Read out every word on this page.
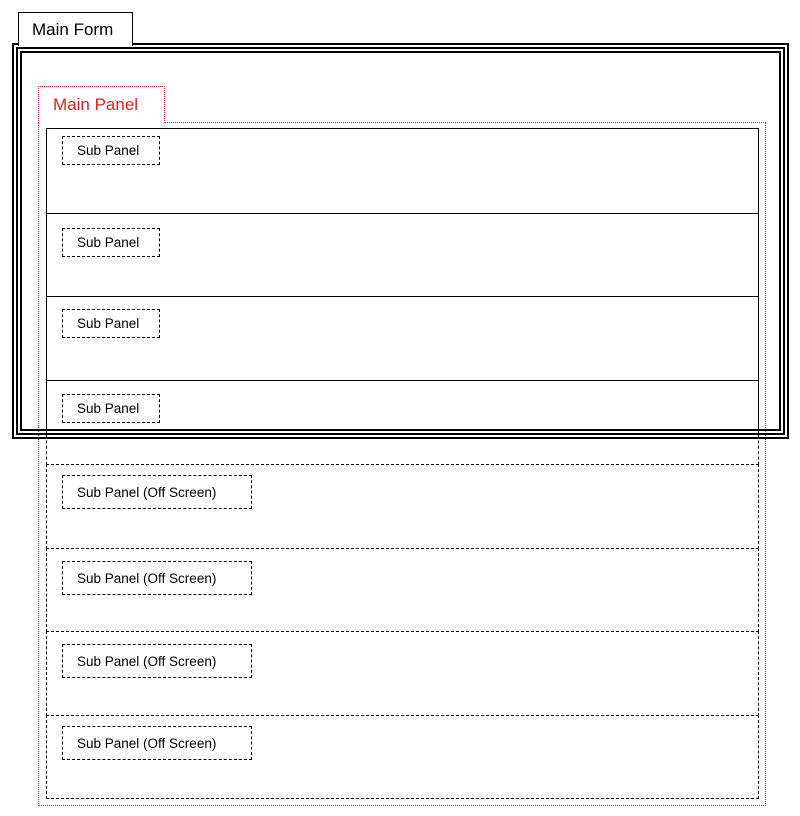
Main Form
Main Panel
Sub Panel
Sub Panel
Sub Panel
Sub Panel
Sub Panel (Off Screen)
Sub Panel (Off Screen)
Sub Panel (Off Screen)
Sub Panel (Off Screen)
